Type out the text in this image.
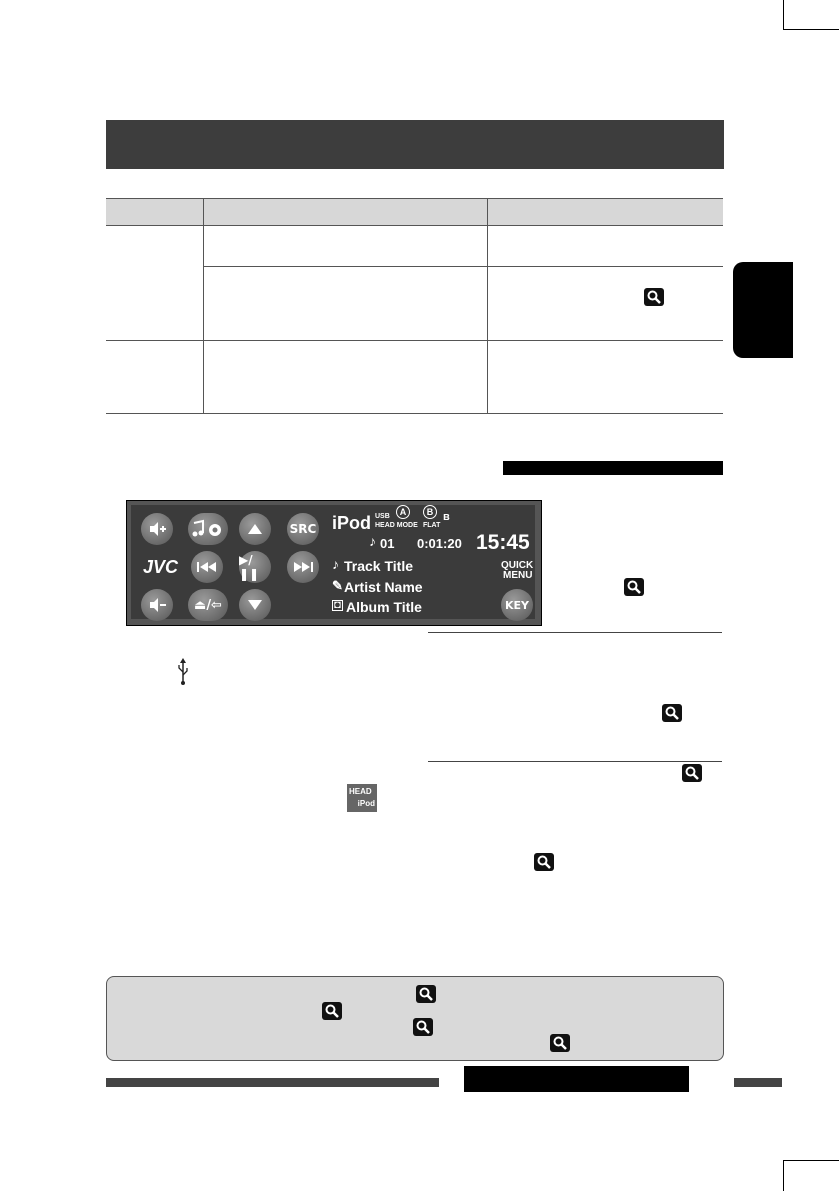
SRC
JVC	▶/❚❚
⏏/⇦
iPod USB
HEAD MODE
A	B
FLAT
ʙ
♪ 01 0:01:20 15:45
♪ Track Title
✎ Artist Name
◘ Album Title
QUICK
MENU
KEY
HEAD
iPod
